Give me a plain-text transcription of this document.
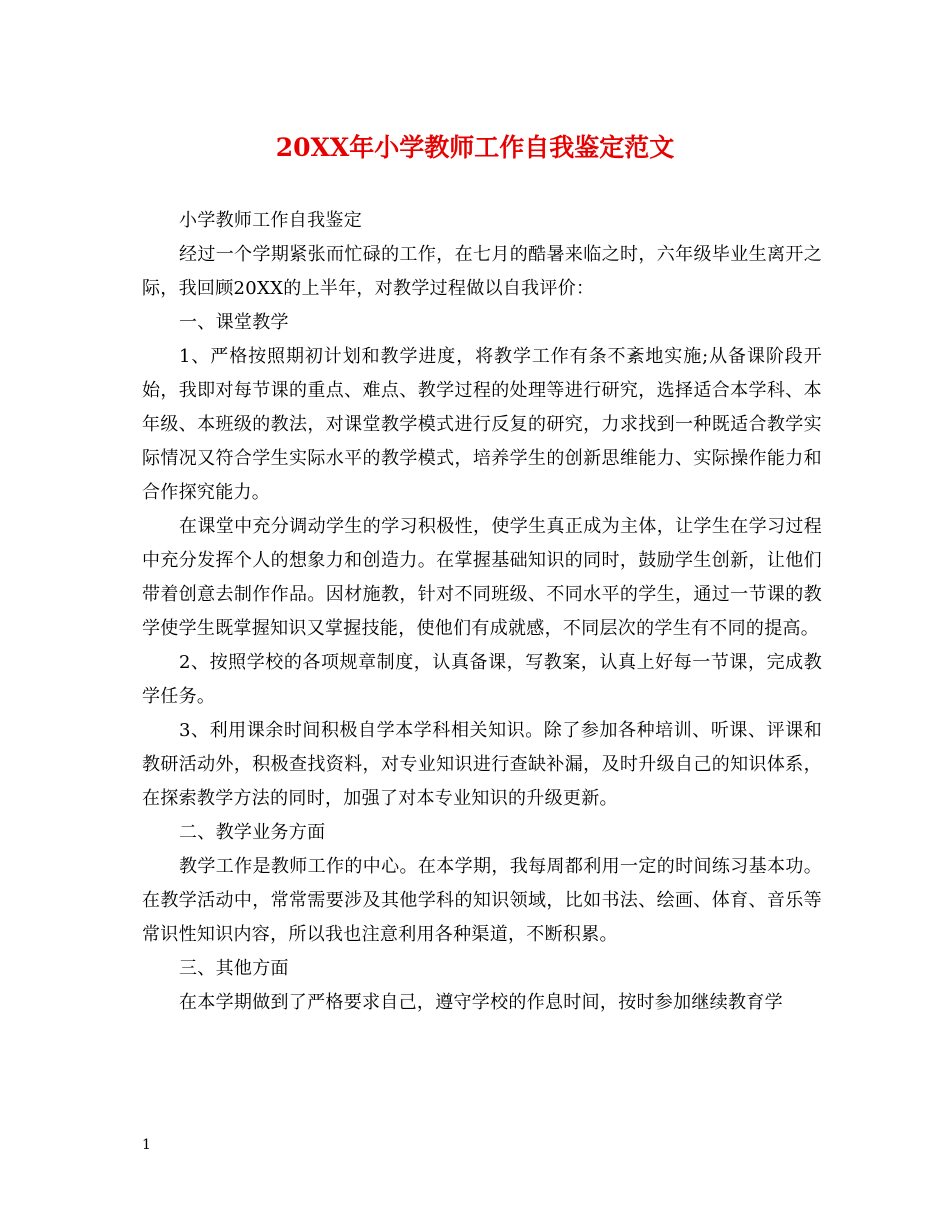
20XX年小学教师工作自我鉴定范文

小学教师工作自我鉴定

经过一个学期紧张而忙碌的工作，在七月的酷暑来临之时，六年级毕业生离开之际，我回顾20XX的上半年，对教学过程做以自我评价：

一、课堂教学

1、严格按照期初计划和教学进度，将教学工作有条不紊地实施;从备课阶段开始，我即对每节课的重点、难点、教学过程的处理等进行研究，选择适合本学科、本年级、本班级的教法，对课堂教学模式进行反复的研究，力求找到一种既适合教学实际情况又符合学生实际水平的教学模式，培养学生的创新思维能力、实际操作能力和合作探究能力。

在课堂中充分调动学生的学习积极性，使学生真正成为主体，让学生在学习过程中充分发挥个人的想象力和创造力。在掌握基础知识的同时，鼓励学生创新，让他们带着创意去制作作品。因材施教，针对不同班级、不同水平的学生，通过一节课的教学使学生既掌握知识又掌握技能，使他们有成就感，不同层次的学生有不同的提高。

2、按照学校的各项规章制度，认真备课，写教案，认真上好每一节课，完成教学任务。

3、利用课余时间积极自学本学科相关知识。除了参加各种培训、听课、评课和教研活动外，积极查找资料，对专业知识进行查缺补漏，及时升级自己的知识体系，在探索教学方法的同时，加强了对本专业知识的升级更新。

二、教学业务方面

教学工作是教师工作的中心。在本学期，我每周都利用一定的时间练习基本功。在教学活动中，常常需要涉及其他学科的知识领域，比如书法、绘画、体育、音乐等常识性知识内容，所以我也注意利用各种渠道，不断积累。

三、其他方面

在本学期做到了严格要求自己，遵守学校的作息时间，按时参加继续教育学

1
